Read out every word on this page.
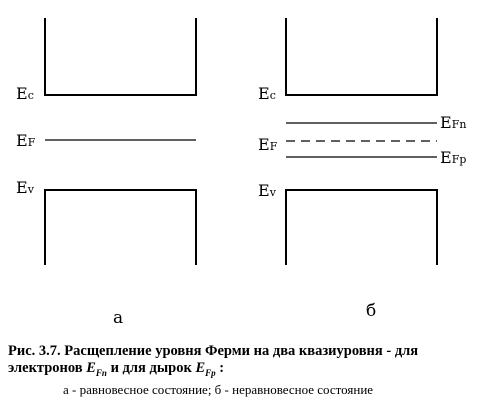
Ec
EF
Ev
а
Ec
EF
Ev
EFn
EFp
б
Рис. 3.7. Расщепление уровня Ферми на два квазиуровня - для
электронов $E_{Fn}$ и для дырок $E_{Fp}$ :
а - равновесное состояние; б - неравновесное состояние
